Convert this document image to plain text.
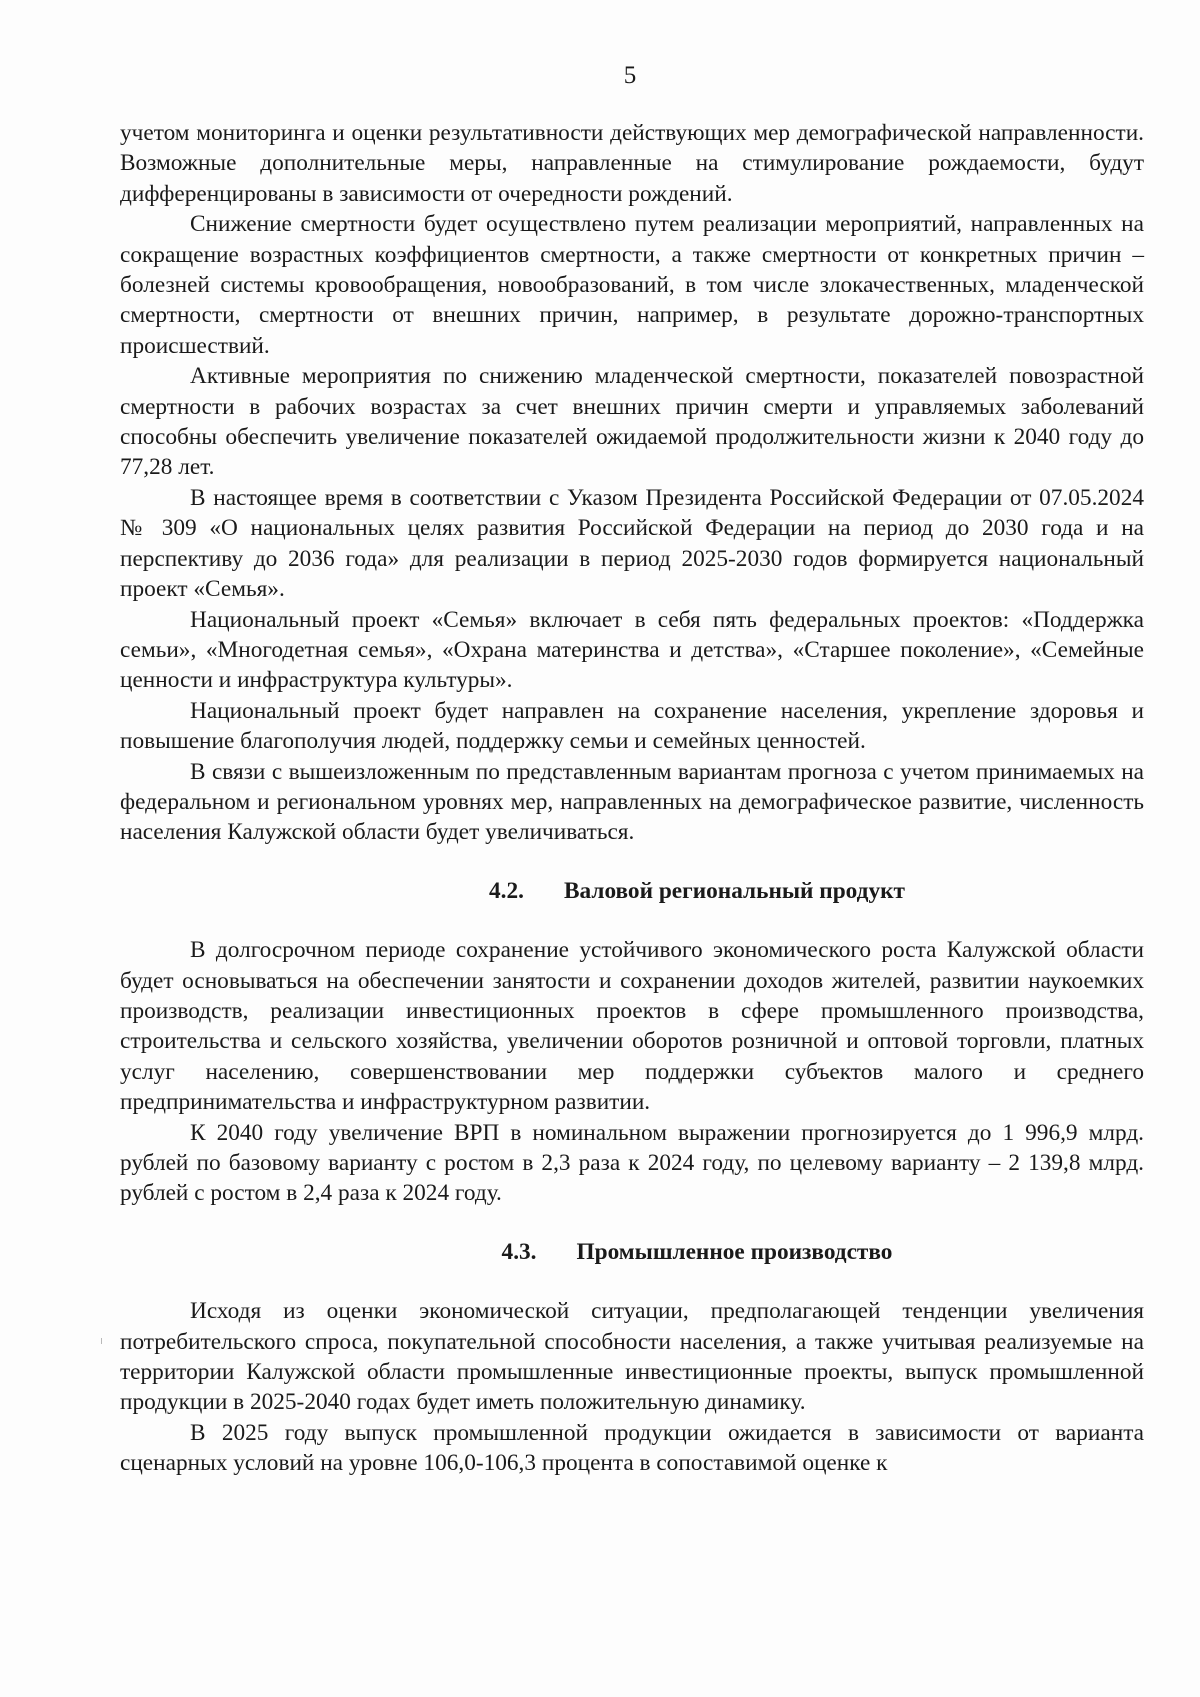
5

учетом мониторинга и оценки результативности действующих мер демографической направленности. Возможные дополнительные меры, направленные на стимулирование рождаемости, будут дифференцированы в зависимости от очередности рождений.

Снижение смертности будет осуществлено путем реализации мероприятий, направленных на сокращение возрастных коэффициентов смертности, а также смертности от конкретных причин – болезней системы кровообращения, новообразований, в том числе злокачественных, младенческой смертности, смертности от внешних причин, например, в результате дорожно-транспортных происшествий.

Активные мероприятия по снижению младенческой смертности, показателей повозрастной смертности в рабочих возрастах за счет внешних причин смерти и управляемых заболеваний способны обеспечить увеличение показателей ожидаемой продолжительности жизни к 2040 году до 77,28 лет.

В настоящее время в соответствии с Указом Президента Российской Федерации от 07.05.2024 № 309 «О национальных целях развития Российской Федерации на период до 2030 года и на перспективу до 2036 года» для реализации в период 2025-2030 годов формируется национальный проект «Семья».

Национальный проект «Семья» включает в себя пять федеральных проектов: «Поддержка семьи», «Многодетная семья», «Охрана материнства и детства», «Старшее поколение», «Семейные ценности и инфраструктура культуры».

Национальный проект будет направлен на сохранение населения, укрепление здоровья и повышение благополучия людей, поддержку семьи и семейных ценностей.

В связи с вышеизложенным по представленным вариантам прогноза с учетом принимаемых на федеральном и региональном уровнях мер, направленных на демографическое развитие, численность населения Калужской области будет увеличиваться.

4.2. Валовой региональный продукт

В долгосрочном периоде сохранение устойчивого экономического роста Калужской области будет основываться на обеспечении занятости и сохранении доходов жителей, развитии наукоемких производств, реализации инвестиционных проектов в сфере промышленного производства, строительства и сельского хозяйства, увеличении оборотов розничной и оптовой торговли, платных услуг населению, совершенствовании мер поддержки субъектов малого и среднего предпринимательства и инфраструктурном развитии.

К 2040 году увеличение ВРП в номинальном выражении прогнозируется до 1 996,9 млрд. рублей по базовому варианту с ростом в 2,3 раза к 2024 году, по целевому варианту – 2 139,8 млрд. рублей с ростом в 2,4 раза к 2024 году.

4.3. Промышленное производство

Исходя из оценки экономической ситуации, предполагающей тенденции увеличения потребительского спроса, покупательной способности населения, а также учитывая реализуемые на территории Калужской области промышленные инвестиционные проекты, выпуск промышленной продукции в 2025-2040 годах будет иметь положительную динамику.

В 2025 году выпуск промышленной продукции ожидается в зависимости от варианта сценарных условий на уровне 106,0-106,3 процента в сопоставимой оценке к
